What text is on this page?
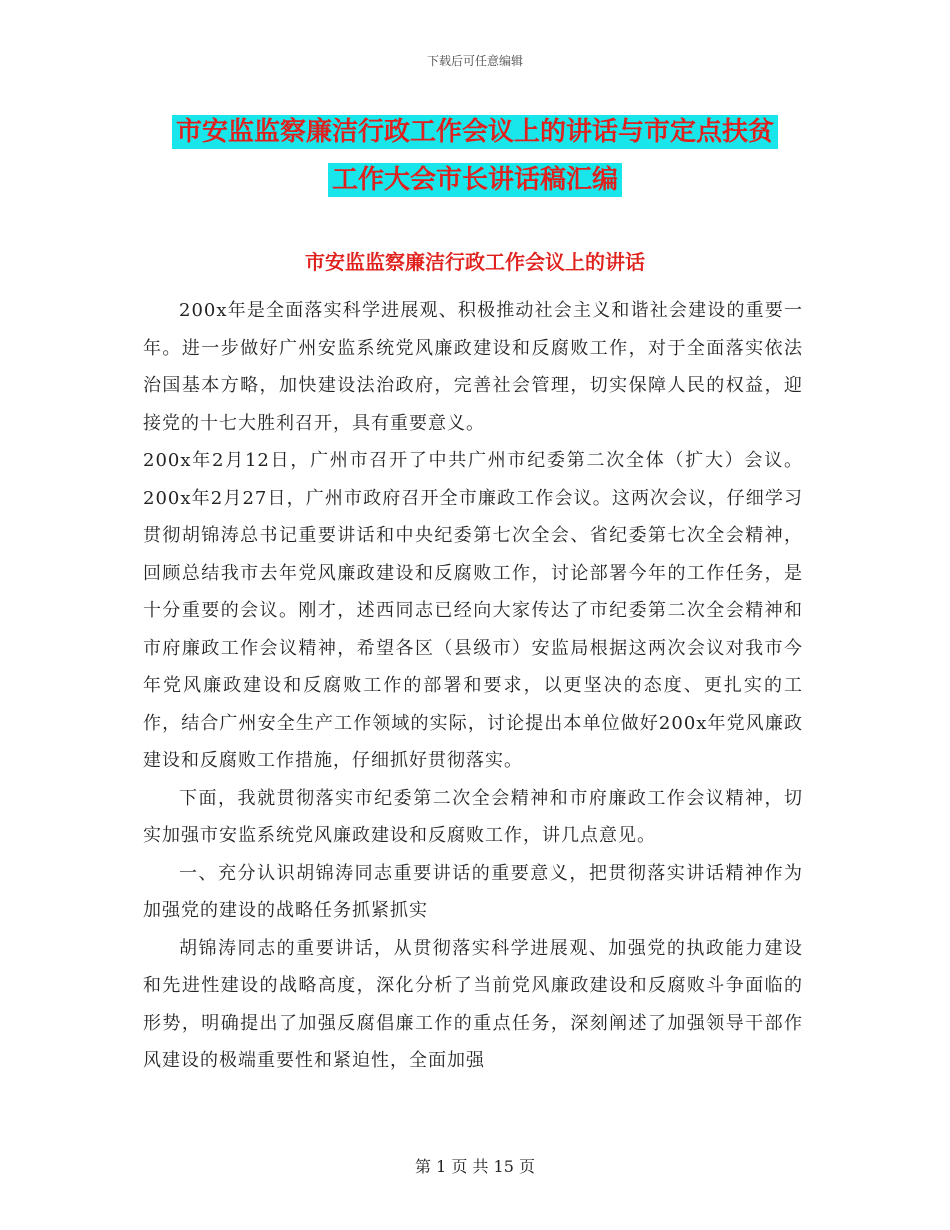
下载后可任意编辑
市安监监察廉洁行政工作会议上的讲话与市定点扶贫
工作大会市长讲话稿汇编
市安监监察廉洁行政工作会议上的讲话

200x年是全面落实科学进展观、积极推动社会主义和谐社会建设的重要一年。进一步做好广州安监系统党风廉政建设和反腐败工作，对于全面落实依法治国基本方略，加快建设法治政府，完善社会管理，切实保障人民的权益，迎接党的十七大胜利召开，具有重要意义。

200x年2月12日，广州市召开了中共广州市纪委第二次全体（扩大）会议。200x年2月27日，广州市政府召开全市廉政工作会议。这两次会议，仔细学习贯彻胡锦涛总书记重要讲话和中央纪委第七次全会、省纪委第七次全会精神，回顾总结我市去年党风廉政建设和反腐败工作，讨论部署今年的工作任务，是十分重要的会议。刚才，述西同志已经向大家传达了市纪委第二次全会精神和市府廉政工作会议精神，希望各区（县级市）安监局根据这两次会议对我市今年党风廉政建设和反腐败工作的部署和要求，以更坚决的态度、更扎实的工作，结合广州安全生产工作领域的实际，讨论提出本单位做好200x年党风廉政建设和反腐败工作措施，仔细抓好贯彻落实。

下面，我就贯彻落实市纪委第二次全会精神和市府廉政工作会议精神，切实加强市安监系统党风廉政建设和反腐败工作，讲几点意见。

一、充分认识胡锦涛同志重要讲话的重要意义，把贯彻落实讲话精神作为加强党的建设的战略任务抓紧抓实

胡锦涛同志的重要讲话，从贯彻落实科学进展观、加强党的执政能力建设和先进性建设的战略高度，深化分析了当前党风廉政建设和反腐败斗争面临的形势，明确提出了加强反腐倡廉工作的重点任务，深刻阐述了加强领导干部作风建设的极端重要性和紧迫性，全面加强

第 1 页 共 15 页
